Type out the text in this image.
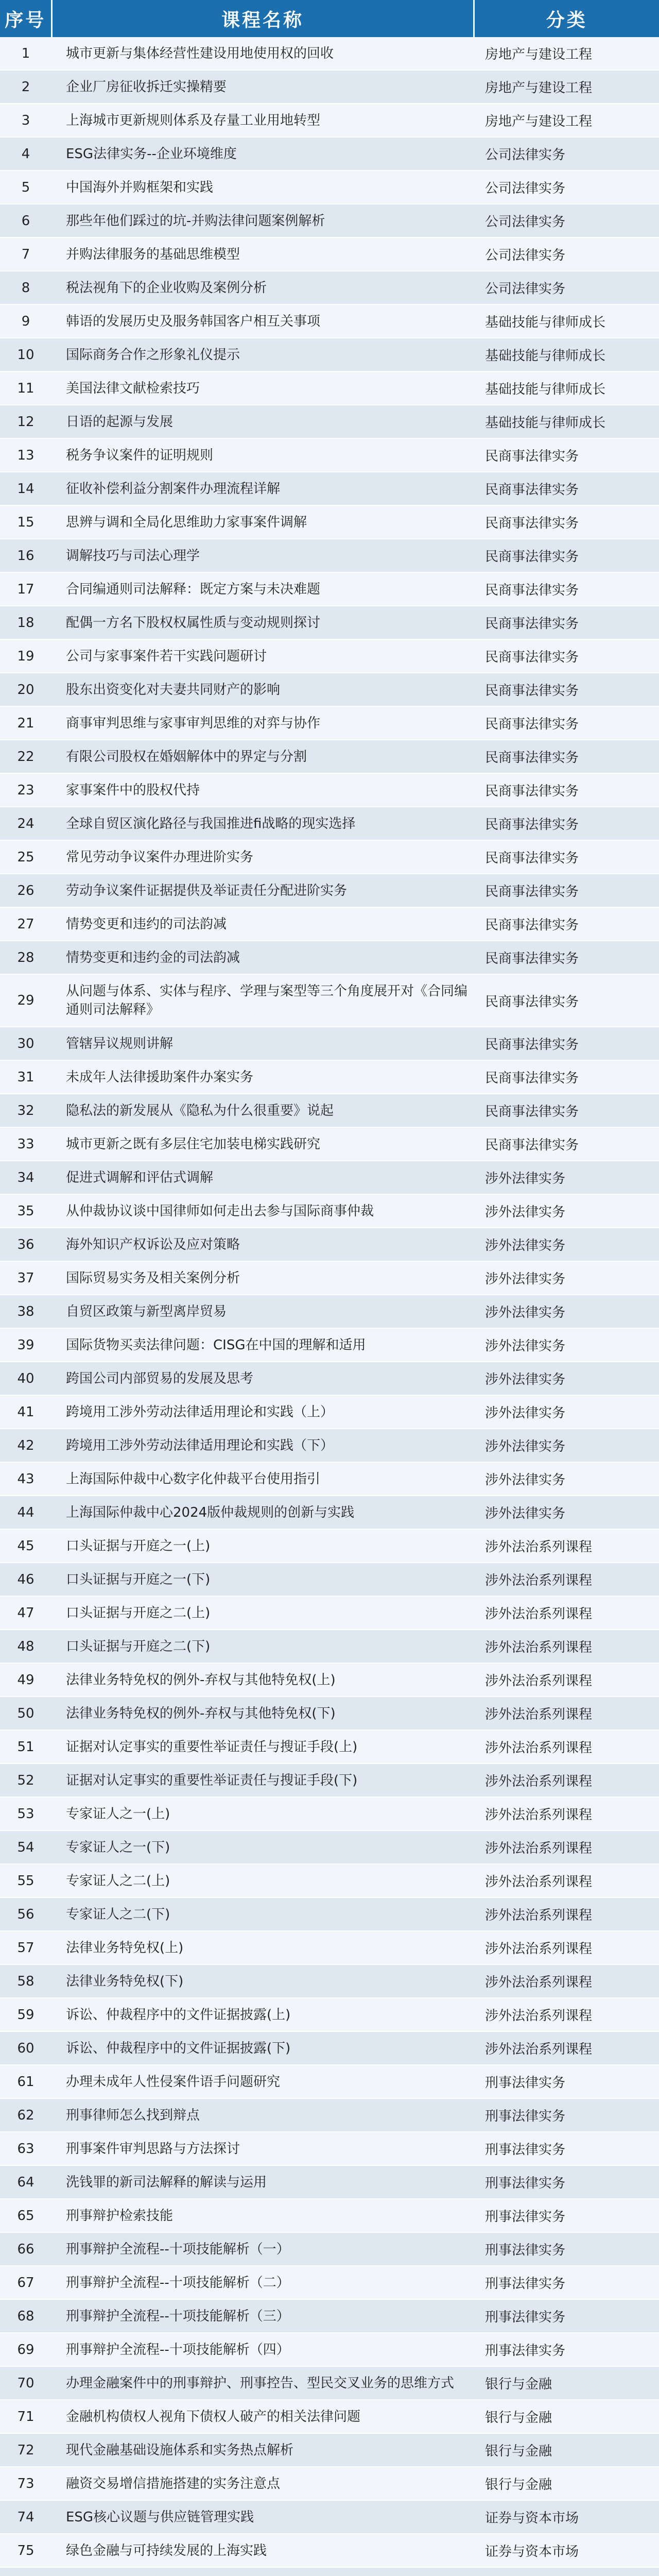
序号	课程名称	分类
1	城市更新与集体经营性建设用地使用权的回收	房地产与建设工程
2	企业厂房征收拆迁实操精要	房地产与建设工程
3	上海城市更新规则体系及存量工业用地转型	房地产与建设工程
4	ESG法律实务--企业环境维度	公司法律实务
5	中国海外并购框架和实践	公司法律实务
6	那些年他们踩过的坑-并购法律问题案例解析	公司法律实务
7	并购法律服务的基础思维模型	公司法律实务
8	税法视角下的企业收购及案例分析	公司法律实务
9	韩语的发展历史及服务韩国客户相互关事项	基础技能与律师成长
10	国际商务合作之形象礼仪提示	基础技能与律师成长
11	美国法律文献检索技巧	基础技能与律师成长
12	日语的起源与发展	基础技能与律师成长
13	税务争议案件的证明规则	民商事法律实务
14	征收补偿利益分割案件办理流程详解	民商事法律实务
15	思辨与调和全局化思维助力家事案件调解	民商事法律实务
16	调解技巧与司法心理学	民商事法律实务
17	合同编通则司法解释：既定方案与未决难题	民商事法律实务
18	配偶一方名下股权权属性质与变动规则探讨	民商事法律实务
19	公司与家事案件若干实践问题研讨	民商事法律实务
20	股东出资变化对夫妻共同财产的影响	民商事法律实务
21	商事审判思维与家事审判思维的对弈与协作	民商事法律实务
22	有限公司股权在婚姻解体中的界定与分割	民商事法律实务
23	家事案件中的股权代持	民商事法律实务
24	全球自贸区演化路径与我国推进fi战略的现实选择	民商事法律实务
25	常见劳动争议案件办理进阶实务	民商事法律实务
26	劳动争议案件证据提供及举证责任分配进阶实务	民商事法律实务
27	情势变更和违约的司法韵减	民商事法律实务
28	情势变更和违约金的司法韵减	民商事法律实务
29	从问题与体系、实体与程序、学理与案型等三个角度展开对《合同编通则司法解释》	民商事法律实务
30	管辖异议规则讲解	民商事法律实务
31	未成年人法律援助案件办案实务	民商事法律实务
32	隐私法的新发展从《隐私为什么很重要》说起	民商事法律实务
33	城市更新之既有多层住宅加装电梯实践研究	民商事法律实务
34	促进式调解和评估式调解	涉外法律实务
35	从仲裁协议谈中国律师如何走出去参与国际商事仲裁	涉外法律实务
36	海外知识产权诉讼及应对策略	涉外法律实务
37	国际贸易实务及相关案例分析	涉外法律实务
38	自贸区政策与新型离岸贸易	涉外法律实务
39	国际货物买卖法律问题：CISG在中国的理解和适用	涉外法律实务
40	跨国公司内部贸易的发展及思考	涉外法律实务
41	跨境用工涉外劳动法律适用理论和实践（上）	涉外法律实务
42	跨境用工涉外劳动法律适用理论和实践（下）	涉外法律实务
43	上海国际仲裁中心数字化仲裁平台使用指引	涉外法律实务
44	上海国际仲裁中心2024版仲裁规则的创新与实践	涉外法律实务
45	口头证据与开庭之一(上)	涉外法治系列课程
46	口头证据与开庭之一(下)	涉外法治系列课程
47	口头证据与开庭之二(上)	涉外法治系列课程
48	口头证据与开庭之二(下)	涉外法治系列课程
49	法律业务特免权的例外-弃权与其他特免权(上)	涉外法治系列课程
50	法律业务特免权的例外-弃权与其他特免权(下)	涉外法治系列课程
51	证据对认定事实的重要性举证责任与搜证手段(上)	涉外法治系列课程
52	证据对认定事实的重要性举证责任与搜证手段(下)	涉外法治系列课程
53	专家证人之一(上)	涉外法治系列课程
54	专家证人之一(下)	涉外法治系列课程
55	专家证人之二(上)	涉外法治系列课程
56	专家证人之二(下)	涉外法治系列课程
57	法律业务特免权(上)	涉外法治系列课程
58	法律业务特免权(下)	涉外法治系列课程
59	诉讼、仲裁程序中的文件证据披露(上)	涉外法治系列课程
60	诉讼、仲裁程序中的文件证据披露(下)	涉外法治系列课程
61	办理未成年人性侵案件语手问题研究	刑事法律实务
62	刑事律师怎么找到辩点	刑事法律实务
63	刑事案件审判思路与方法探讨	刑事法律实务
64	洗钱罪的新司法解释的解读与运用	刑事法律实务
65	刑事辩护检索技能	刑事法律实务
66	刑事辩护全流程--十项技能解析（一）	刑事法律实务
67	刑事辩护全流程--十项技能解析（二）	刑事法律实务
68	刑事辩护全流程--十项技能解析（三）	刑事法律实务
69	刑事辩护全流程--十项技能解析（四）	刑事法律实务
70	办理金融案件中的刑事辩护、刑事控告、型民交叉业务的思维方式	银行与金融
71	金融机构债权人视角下债权人破产的相关法律问题	银行与金融
72	现代金融基础设施体系和实务热点解析	银行与金融
73	融资交易增信措施搭建的实务注意点	银行与金融
74	ESG核心议题与供应链管理实践	证券与资本市场
75	绿色金融与可持续发展的上海实践	证券与资本市场
